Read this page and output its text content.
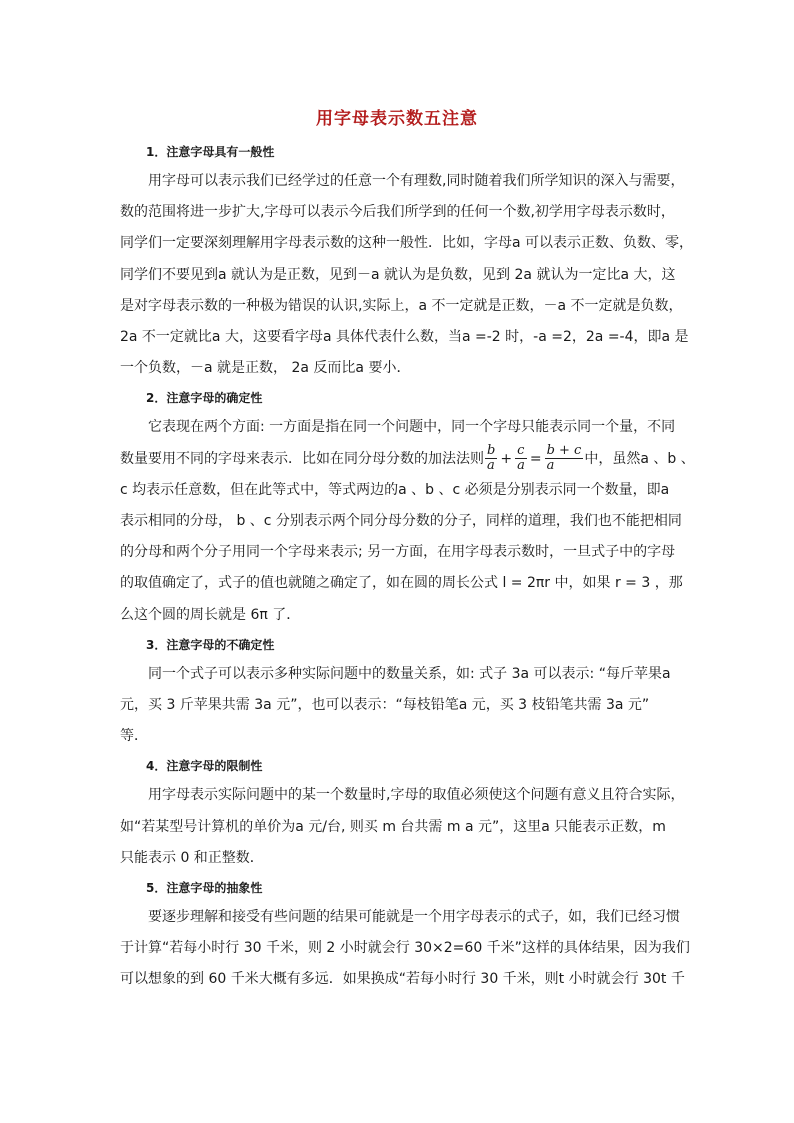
用字母表示数五注意
1．注意字母具有一般性

用字母可以表示我们已经学过的任意一个有理数,同时随着我们所学知识的深入与需要，
数的范围将进一步扩大,字母可以表示今后我们所学到的任何一个数,初学用字母表示数时，
同学们一定要深刻理解用字母表示数的这种一般性．比如，字母a 可以表示正数、负数、零，
同学们不要见到a 就认为是正数，见到－a 就认为是负数，见到 2a 就认为一定比a 大，这
是对字母表示数的一种极为错误的认识,实际上，a 不一定就是正数，－a 不一定就是负数，
2a 不一定就比a 大，这要看字母a 具体代表什么数，当a =-2 时，-a =2，2a =-4，即a 是
一个负数，－a 就是正数， 2a 反而比a 要小．

2．注意字母的确定性

它表现在两个方面: 一方面是指在同一个问题中，同一个字母只能表示同一个量，不同
数量要用不同的字母来表示．比如在同分母分数的加法法则 $\frac{b}{a} + \frac{c}{a} = \frac{b + c}{a}$ 中，虽然a 、b 、
c 均表示任意数，但在此等式中，等式两边的a 、b 、c 必须是分别表示同一个数量，即a
表示相同的分母， b 、c 分别表示两个同分母分数的分子，同样的道理，我们也不能把相同
的分母和两个分子用同一个字母来表示; 另一方面，在用字母表示数时，一旦式子中的字母
的取值确定了，式子的值也就随之确定了，如在圆的周长公式 l = 2πr 中，如果 r = 3 ，那
么这个圆的周长就是 6π 了．

3．注意字母的不确定性

同一个式子可以表示多种实际问题中的数量关系，如: 式子 3a 可以表示: “每斤苹果a
元，买 3 斤苹果共需 3a 元”，也可以表示：“每枝铅笔a 元，买 3 枝铅笔共需 3a 元”
等．

4．注意字母的限制性

用字母表示实际问题中的某一个数量时,字母的取值必须使这个问题有意义且符合实际，
如“若某型号计算机的单价为a 元/台, 则买 m 台共需 m a 元”，这里a 只能表示正数，m
只能表示 0 和正整数．

5．注意字母的抽象性

要逐步理解和接受有些问题的结果可能就是一个用字母表示的式子，如，我们已经习惯
于计算“若每小时行 30 千米，则 2 小时就会行 30×2=60 千米”这样的具体结果，因为我们
可以想象的到 60 千米大概有多远．如果换成“若每小时行 30 千米，则t 小时就会行 30t 千
